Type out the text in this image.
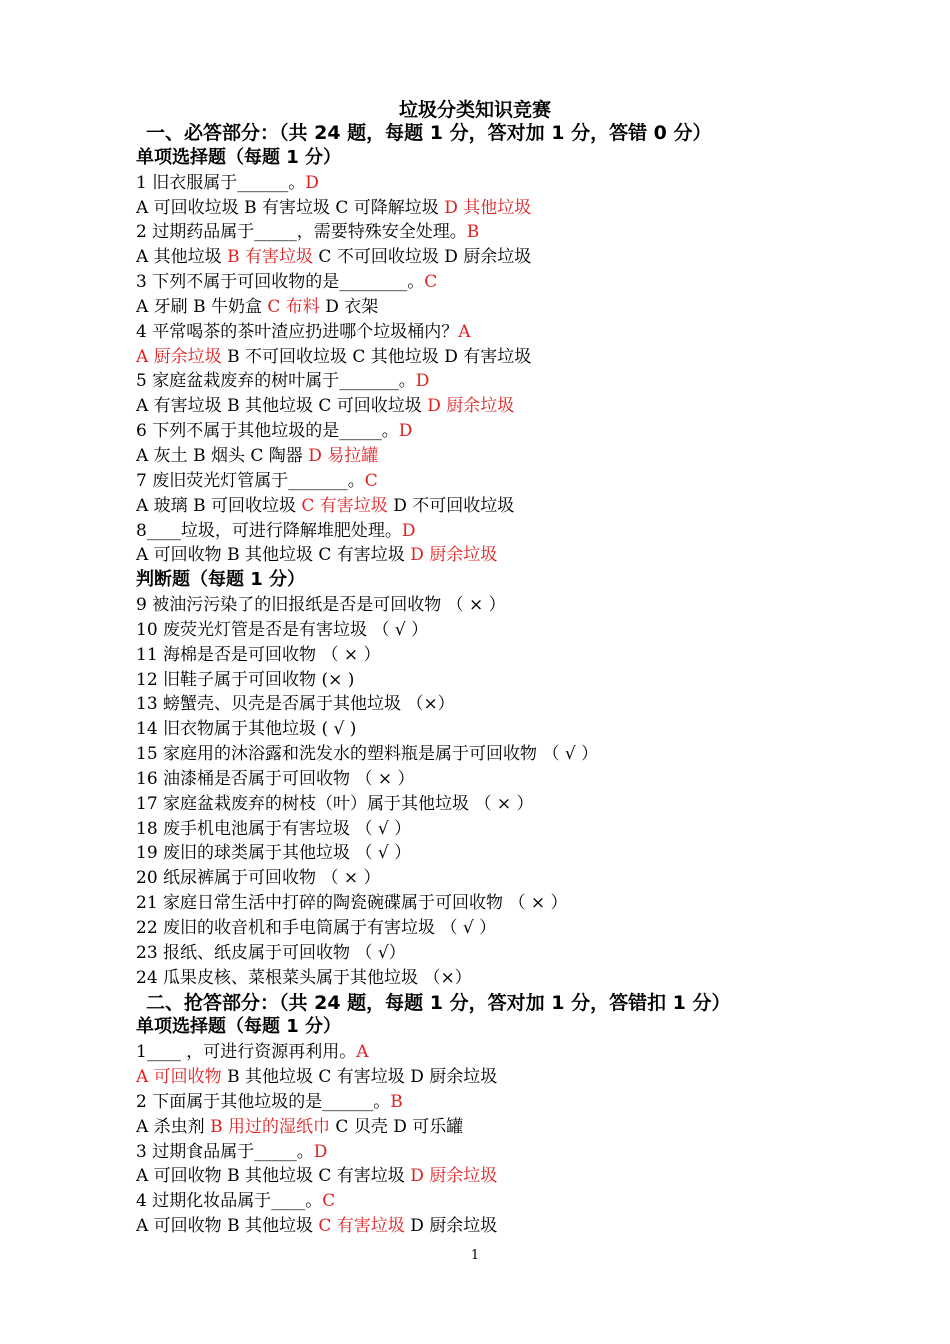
垃圾分类知识竞赛
一、必答部分：（共 24 题，每题 1 分，答对加 1 分，答错 0 分）
单项选择题（每题 1 分）
1 旧衣服属于______。D
A 可回收垃圾 B 有害垃圾 C 可降解垃圾 D 其他垃圾
2 过期药品属于_____，需要特殊安全处理。B
A 其他垃圾 B 有害垃圾 C 不可回收垃圾 D 厨余垃圾
3 下列不属于可回收物的是________。C
A 牙刷 B 牛奶盒 C 布料 D 衣架
4 平常喝茶的茶叶渣应扔进哪个垃圾桶内？A
A 厨余垃圾 B 不可回收垃圾 C 其他垃圾 D 有害垃圾
5 家庭盆栽废弃的树叶属于_______。D
A 有害垃圾 B 其他垃圾 C 可回收垃圾 D 厨余垃圾
6 下列不属于其他垃圾的是_____。D
A 灰土 B 烟头 C 陶器 D 易拉罐
7 废旧荧光灯管属于_______。C
A 玻璃 B 可回收垃圾 C 有害垃圾 D 不可回收垃圾
8____垃圾，可进行降解堆肥处理。D
A 可回收物 B 其他垃圾 C 有害垃圾 D 厨余垃圾
判断题（每题 1 分）
9 被油污污染了的旧报纸是否是可回收物 （ × ）
10 废荧光灯管是否是有害垃圾 （ √ ）
11 海棉是否是可回收物 （ × ）
12 旧鞋子属于可回收物 (× )
13 螃蟹壳、贝壳是否属于其他垃圾 （×）
14 旧衣物属于其他垃圾 ( √ )
15 家庭用的沐浴露和洗发水的塑料瓶是属于可回收物 （ √ ）
16 油漆桶是否属于可回收物 （ × ）
17 家庭盆栽废弃的树枝（叶）属于其他垃圾 （ × ）
18 废手机电池属于有害垃圾 （ √ ）
19 废旧的球类属于其他垃圾 （ √ ）
20 纸尿裤属于可回收物 （ × ）
21 家庭日常生活中打碎的陶瓷碗碟属于可回收物 （ × ）
22 废旧的收音机和手电筒属于有害垃圾 （ √ ）
23 报纸、纸皮属于可回收物 （ √）
24 瓜果皮核、菜根菜头属于其他垃圾 （×）
二、抢答部分：（共 24 题，每题 1 分，答对加 1 分，答错扣 1 分）
单项选择题（每题 1 分）
1____ ，可进行资源再利用。A
A 可回收物 B 其他垃圾 C 有害垃圾 D 厨余垃圾
2 下面属于其他垃圾的是______。B
A 杀虫剂 B 用过的湿纸巾 C 贝壳 D 可乐罐
3 过期食品属于_____。D
A 可回收物 B 其他垃圾 C 有害垃圾 D 厨余垃圾
4 过期化妆品属于____。C
A 可回收物 B 其他垃圾 C 有害垃圾 D 厨余垃圾
1
